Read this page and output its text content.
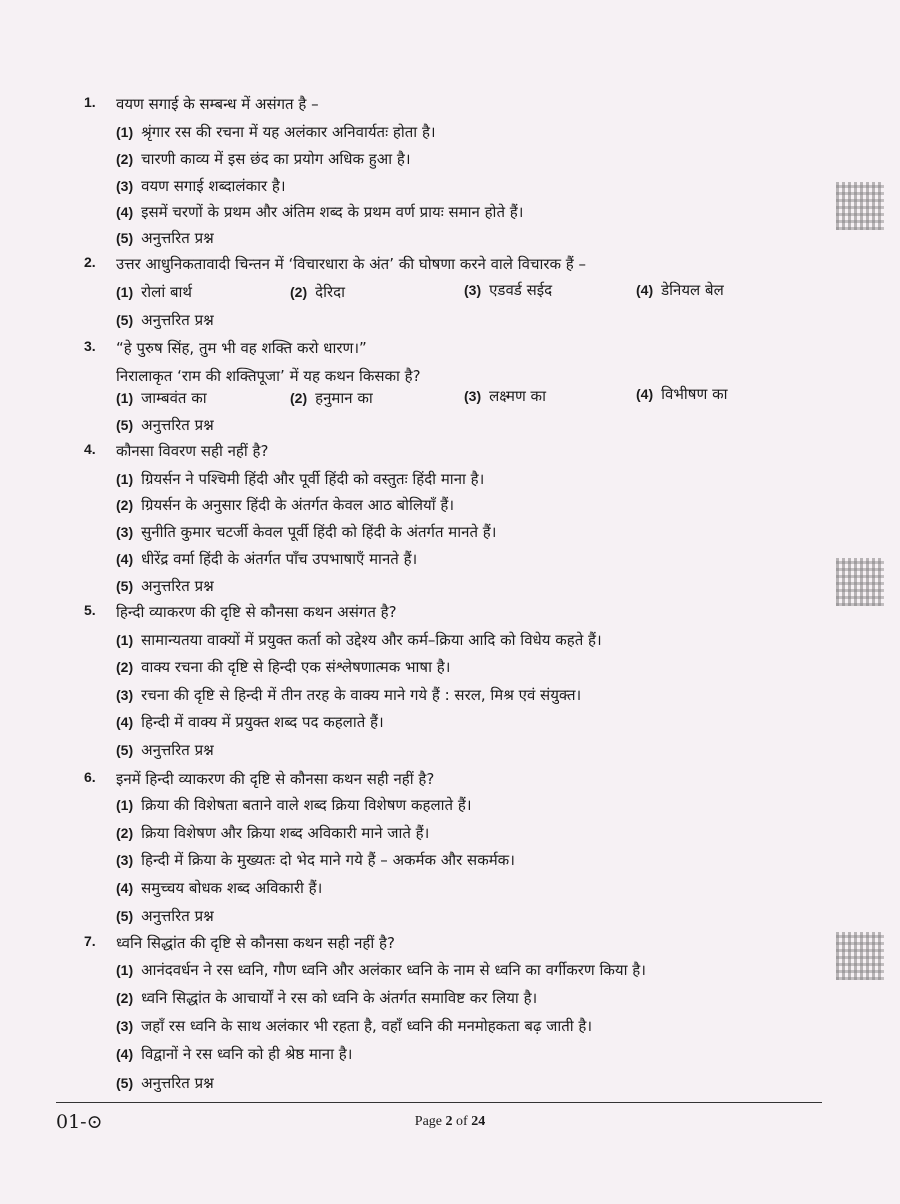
1. वयण सगाई के सम्बन्ध में असंगत है –
(1) श्रृंगार रस की रचना में यह अलंकार अनिवार्यतः होता है।
(2) चारणी काव्य में इस छंद का प्रयोग अधिक हुआ है।
(3) वयण सगाई शब्दालंकार है।
(4) इसमें चरणों के प्रथम और अंतिम शब्द के प्रथम वर्ण प्रायः समान होते हैं।
(5) अनुत्तरित प्रश्न
2. उत्तर आधुनिकतावादी चिन्तन में ‘विचारधारा के अंत’ की घोषणा करने वाले विचारक हैं –
(1) रोलां बार्थ	(2) देरिदा	(3) एडवर्ड सईद	(4) डेनियल बेल
(5) अनुत्तरित प्रश्न
3. “हे पुरुष सिंह, तुम भी वह शक्ति करो धारण।”
निरालाकृत ‘राम की शक्तिपूजा’ में यह कथन किसका है?
(1) जाम्बवंत का	(2) हनुमान का	(3) लक्ष्मण का	(4) विभीषण का
(5) अनुत्तरित प्रश्न
4. कौनसा विवरण सही नहीं है?
(1) ग्रियर्सन ने पश्चिमी हिंदी और पूर्वी हिंदी को वस्तुतः हिंदी माना है।
(2) ग्रियर्सन के अनुसार हिंदी के अंतर्गत केवल आठ बोलियाँ हैं।
(3) सुनीति कुमार चटर्जी केवल पूर्वी हिंदी को हिंदी के अंतर्गत मानते हैं।
(4) धीरेंद्र वर्मा हिंदी के अंतर्गत पाँच उपभाषाएँ मानते हैं।
(5) अनुत्तरित प्रश्न
5. हिन्दी व्याकरण की दृष्टि से कौनसा कथन असंगत है?
(1) सामान्यतया वाक्यों में प्रयुक्त कर्ता को उद्देश्य और कर्म–क्रिया आदि को विधेय कहते हैं।
(2) वाक्य रचना की दृष्टि से हिन्दी एक संश्लेषणात्मक भाषा है।
(3) रचना की दृष्टि से हिन्दी में तीन तरह के वाक्य माने गये हैं : सरल, मिश्र एवं संयुक्त।
(4) हिन्दी में वाक्य में प्रयुक्त शब्द पद कहलाते हैं।
(5) अनुत्तरित प्रश्न
6. इनमें हिन्दी व्याकरण की दृष्टि से कौनसा कथन सही नहीं है?
(1) क्रिया की विशेषता बताने वाले शब्द क्रिया विशेषण कहलाते हैं।
(2) क्रिया विशेषण और क्रिया शब्द अविकारी माने जाते हैं।
(3) हिन्दी में क्रिया के मुख्यतः दो भेद माने गये हैं – अकर्मक और सकर्मक।
(4) समुच्चय बोधक शब्द अविकारी हैं।
(5) अनुत्तरित प्रश्न
7. ध्वनि सिद्धांत की दृष्टि से कौनसा कथन सही नहीं है?
(1) आनंदवर्धन ने रस ध्वनि, गौण ध्वनि और अलंकार ध्वनि के नाम से ध्वनि का वर्गीकरण किया है।
(2) ध्वनि सिद्धांत के आचार्यों ने रस को ध्वनि के अंतर्गत समाविष्ट कर लिया है।
(3) जहाँ रस ध्वनि के साथ अलंकार भी रहता है, वहाँ ध्वनि की मनमोहकता बढ़ जाती है।
(4) विद्वानों ने रस ध्वनि को ही श्रेष्ठ माना है।
(5) अनुत्तरित प्रश्न
01-⊙	Page 2 of 24
